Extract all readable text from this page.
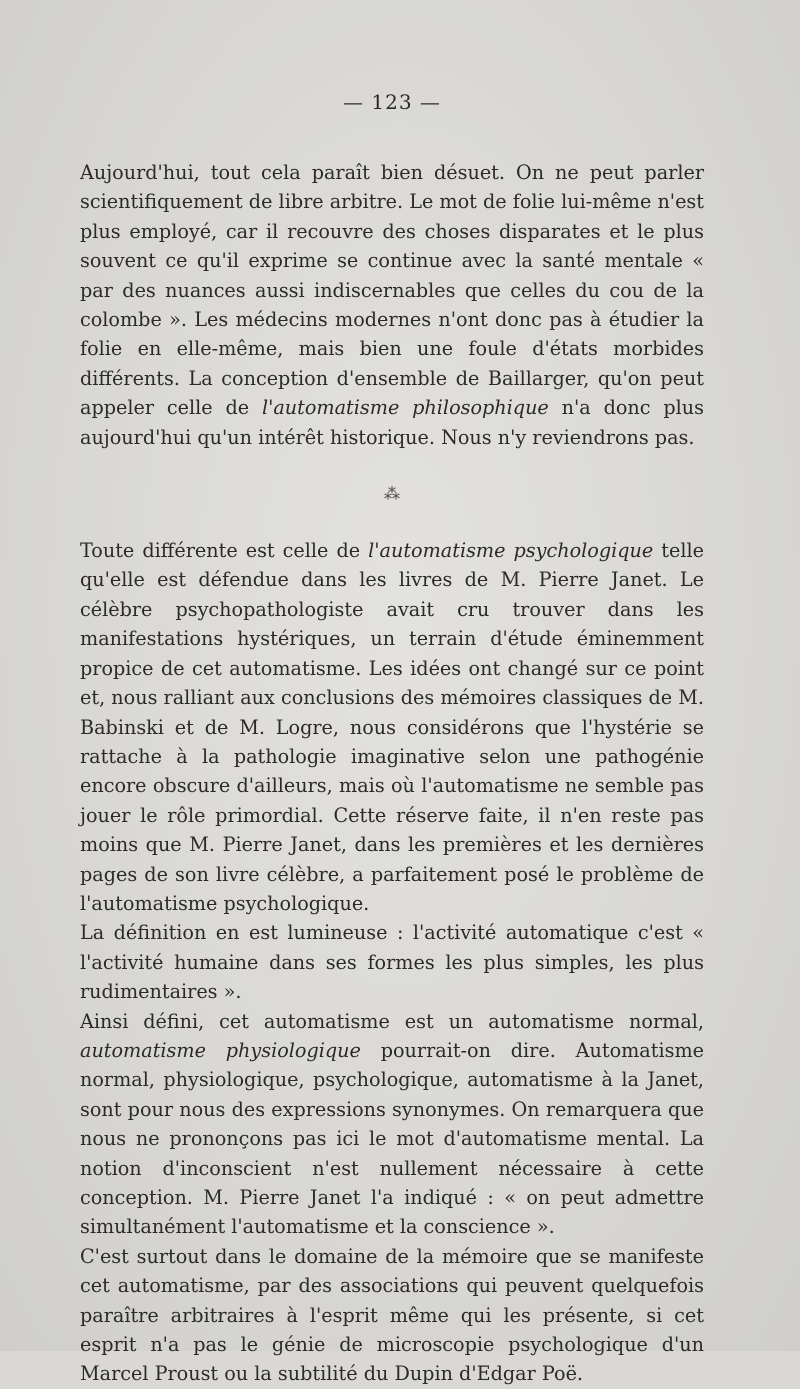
— 123 —

Aujourd'hui, tout cela paraît bien désuet. On ne peut parler scientifiquement de libre arbitre. Le mot de folie lui-même n'est plus employé, car il recouvre des choses disparates et le plus souvent ce qu'il exprime se continue avec la santé mentale « par des nuances aussi indiscernables que celles du cou de la colombe ». Les médecins modernes n'ont donc pas à étudier la folie en elle-même, mais bien une foule d'états morbides différents. La conception d'ensemble de Baillarger, qu'on peut appeler celle de l'automatisme philosophique n'a donc plus aujourd'hui qu'un intérêt historique. Nous n'y reviendrons pas.

⁂

Toute différente est celle de l'automatisme psychologique telle qu'elle est défendue dans les livres de M. Pierre Janet. Le célèbre psychopathologiste avait cru trouver dans les manifestations hystériques, un terrain d'étude éminemment propice de cet automatisme. Les idées ont changé sur ce point et, nous ralliant aux conclusions des mémoires classiques de M. Babinski et de M. Logre, nous considérons que l'hystérie se rattache à la pathologie imaginative selon une pathogénie encore obscure d'ailleurs, mais où l'automatisme ne semble pas jouer le rôle primordial. Cette réserve faite, il n'en reste pas moins que M. Pierre Janet, dans les premières et les dernières pages de son livre célèbre, a parfaitement posé le problème de l'automatisme psychologique.

La définition en est lumineuse : l'activité automatique c'est « l'activité humaine dans ses formes les plus simples, les plus rudimentaires ».

Ainsi défini, cet automatisme est un automatisme normal, automatisme physiologique pourrait-on dire. Automatisme normal, physiologique, psychologique, automatisme à la Janet, sont pour nous des expressions synonymes. On remarquera que nous ne prononçons pas ici le mot d'automatisme mental. La notion d'inconscient n'est nullement nécessaire à cette conception. M. Pierre Janet l'a indiqué : « on peut admettre simultanément l'automatisme et la conscience ».

C'est surtout dans le domaine de la mémoire que se manifeste cet automatisme, par des associations qui peuvent quelquefois paraître arbitraires à l'esprit même qui les présente, si cet esprit n'a pas le génie de microscopie psychologique d'un Marcel Proust ou la subtilité du Dupin d'Edgar Poë.
